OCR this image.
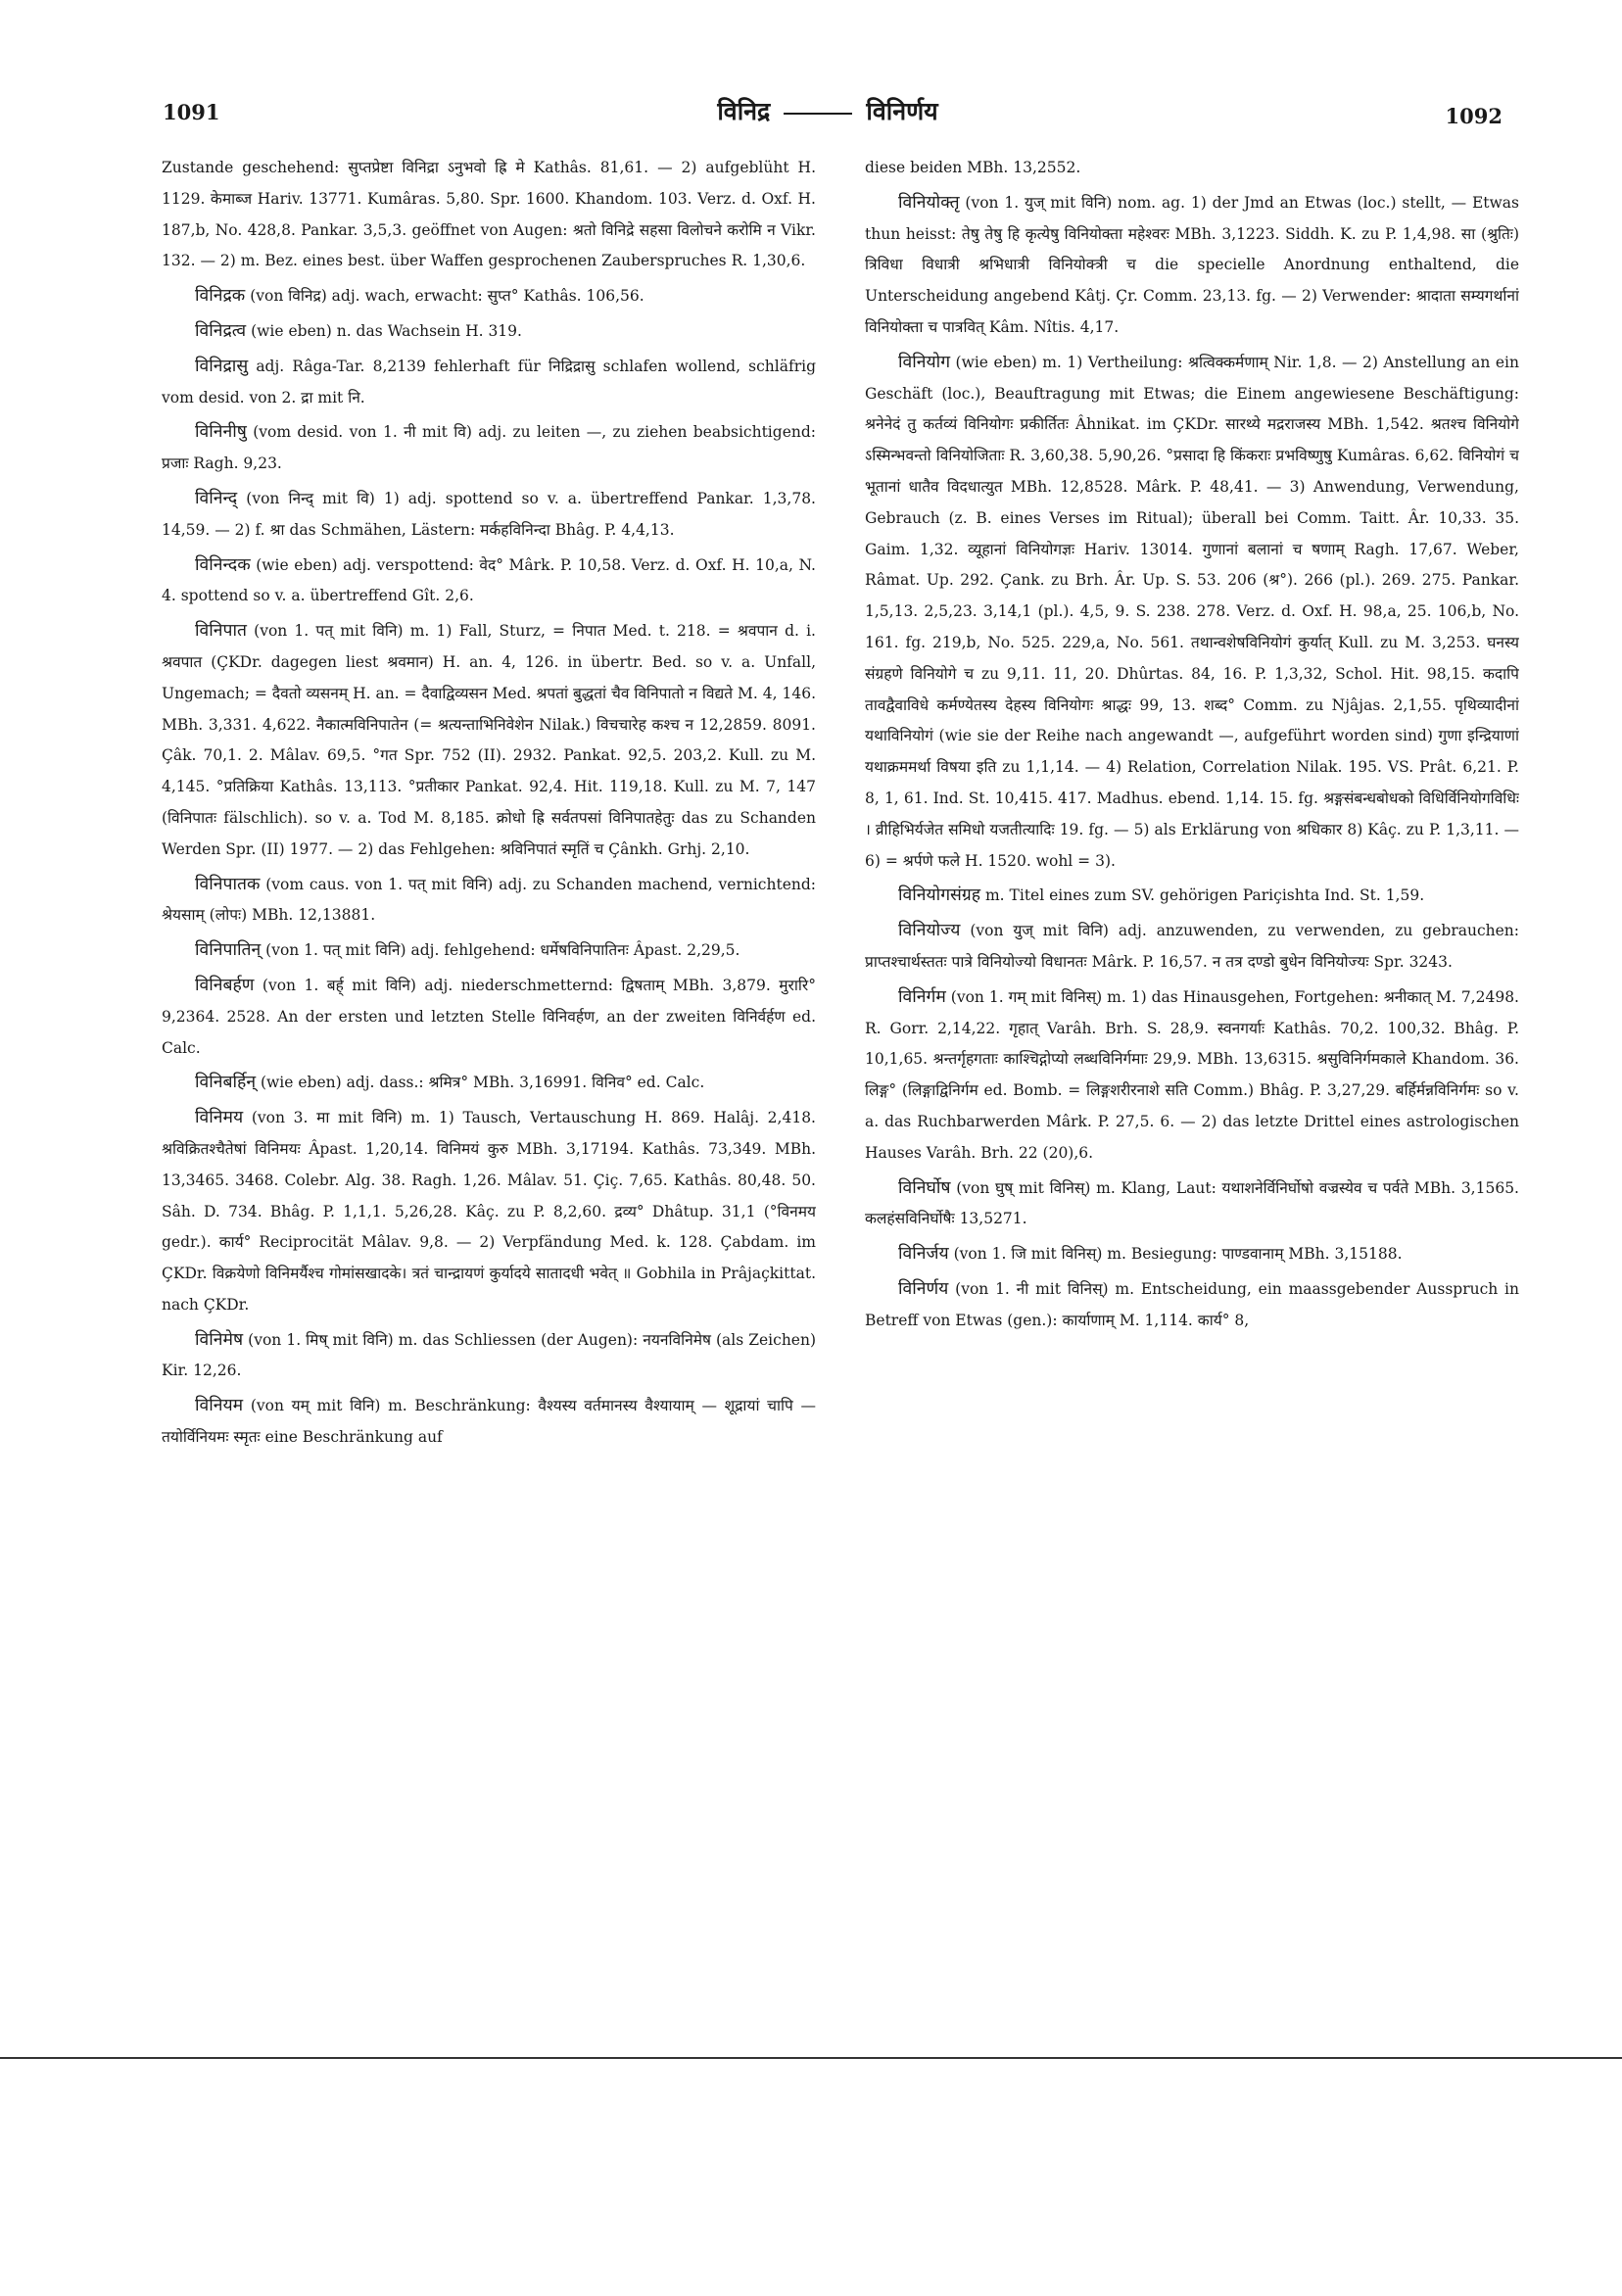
1091	विनिद्र	विनिर्णय	1092

Zustande geschehend: सुप्तप्रेष्टा विनिद्रा ऽनुभवो ह्रि मे Kathâs. 81,61. — 2) aufgeblüht H. 1129. केमाब्ज Hariv. 13771. Kumâras. 5,80. Spr. 1600. Khandom. 103. Verz. d. Oxf. H. 187,b, No. 428,8. Pankar. 3,5,3. geöffnet von Augen: श्रतो विनिद्रे सहसा विलोचने करोमि न Vikr. 132. — 2) m. Bez. eines best. über Waffen gesprochenen Zauberspruches R. 1,30,6.

विनिद्रक (von विनिद्र) adj. wach, erwacht: सुप्त° Kathâs. 106,56.

विनिद्रत्व (wie eben) n. das Wachsein H. 319.

विनिद्रासु adj. Râga-Tar. 8,2139 fehlerhaft für निद्रिद्रासु schlafen wollend, schläfrig vom desid. von 2. द्रा mit नि.

विनिनीषु (vom desid. von 1. नी mit वि) adj. zu leiten —, zu ziehen beabsichtigend: प्रजाः Ragh. 9,23.

विनिन्द् (von निन्द् mit वि) 1) adj. spottend so v. a. übertreffend Pankar. 1,3,78. 14,59. — 2) f. श्रा das Schmähen, Lästern: मर्कहविनिन्दा Bhâg. P. 4,4,13.

विनिन्दक (wie eben) adj. verspottend: वेद° Mârk. P. 10,58. Verz. d. Oxf. H. 10,a, N. 4. spottend so v. a. übertreffend Gît. 2,6.

विनिपात (von 1. पत् mit विनि) m. 1) Fall, Sturz, = निपात Med. t. 218. = श्रवपान d. i. श्रवपात (ÇKDr. dagegen liest श्रवमान) H. an. 4, 126. in übertr. Bed. so v. a. Unfall, Ungemach; = दैवतो व्यसनम् H. an. = दैवाद्विव्यसन Med. श्रपतां बुद्धतां चैव विनिपातो न विद्यते M. 4, 146. MBh. 3,331. 4,622. नैकात्मविनिपातेन (= श्रत्यन्ताभिनिवेशेन Nilak.) विचचारेह कश्च न 12,2859. 8091. Çâk. 70,1. 2. Mâlav. 69,5. °गत Spr. 752 (II). 2932. Pankat. 92,5. 203,2. Kull. zu M. 4,145. °प्रतिक्रिया Kathâs. 13,113. °प्रतीकार Pankat. 92,4. Hit. 119,18. Kull. zu M. 7, 147 (विनिपातः fälschlich). so v. a. Tod M. 8,185. क्रोधो ह्रि सर्वतपसां विनिपातहेतुः das zu Schanden Werden Spr. (II) 1977. — 2) das Fehlgehen: श्रविनिपातं स्मृतिं च Çânkh. Grhj. 2,10.

विनिपातक (vom caus. von 1. पत् mit विनि) adj. zu Schanden machend, vernichtend: श्रेयसाम् (लोपः) MBh. 12,13881.

विनिपातिन् (von 1. पत् mit विनि) adj. fehlgehend: धर्मेषविनिपातिनः Âpast. 2,29,5.

विनिबर्हण (von 1. बर्ह् mit विनि) adj. niederschmetternd: द्विषताम् MBh. 3,879. मुरारि° 9,2364. 2528. An der ersten und letzten Stelle विनिवर्हण, an der zweiten विनिर्वर्हण ed. Calc.

विनिबर्हिन् (wie eben) adj. dass.: श्रमित्र° MBh. 3,16991. विनिव° ed. Calc.

विनिमय (von 3. मा mit विनि) m. 1) Tausch, Vertauschung H. 869. Halâj. 2,418. श्रविक्रितश्चैतेषां विनिमयः Âpast. 1,20,14. विनिमयं कुरु MBh. 3,17194. Kathâs. 73,349. MBh. 13,3465. 3468. Colebr. Alg. 38. Ragh. 1,26. Mâlav. 51. Çiç. 7,65. Kathâs. 80,48. 50. Sâh. D. 734. Bhâg. P. 1,1,1. 5,26,28. Kâç. zu P. 8,2,60. द्रव्य° Dhâtup. 31,1 (°विनमय gedr.). कार्य° Reciprocität Mâlav. 9,8. — 2) Verpfändung Med. k. 128. Çabdam. im ÇKDr. विक्रयेणो विनिमर्यैश्च गोमांसखादके। त्रतं चान्द्रायणं कुर्यादये सातादधी भवेत् ॥ Gobhila in Prâjaçkittat. nach ÇKDr.

विनिमेष (von 1. मिष् mit विनि) m. das Schliessen (der Augen): नयनविनिमेष (als Zeichen) Kir. 12,26.

विनियम (von यम् mit विनि) m. Beschränkung: वैश्यस्य वर्तमानस्य वैश्यायाम् — शूद्रायां चापि — तयोर्विनियमः स्मृतः eine Beschränkung auf

diese beiden MBh. 13,2552.

विनियोक्तृ (von 1. युज् mit विनि) nom. ag. 1) der Jmd an Etwas (loc.) stellt, — Etwas thun heisst: तेषु तेषु हि कृत्येषु विनियोक्ता महेश्वरः MBh. 3,1223. Siddh. K. zu P. 1,4,98. सा (श्रुतिः) त्रिविधा विधात्री श्रभिधात्री विनियोक्त्री च die specielle Anordnung enthaltend, die Unterscheidung angebend Kâtj. Çr. Comm. 23,13. fg. — 2) Verwender: श्रादाता सम्यगर्थानां विनियोक्ता च पात्रवित् Kâm. Nîtis. 4,17.

विनियोग (wie eben) m. 1) Vertheilung: श्रत्विक्कर्मणाम् Nir. 1,8. — 2) Anstellung an ein Geschäft (loc.), Beauftragung mit Etwas; die Einem angewiesene Beschäftigung: श्रनेनेदं तु कर्तव्यं विनियोगः प्रकीर्तितः Âhnikat. im ÇKDr. सारथ्ये मद्रराजस्य MBh. 1,542. श्रतश्च विनियोगे ऽस्मिन्भवन्तो विनियोजिताः R. 3,60,38. 5,90,26. °प्रसादा हि किंकराः प्रभविष्णुषु Kumâras. 6,62. विनियोगं च भूतानां धातैव विदधात्युत MBh. 12,8528. Mârk. P. 48,41. — 3) Anwendung, Verwendung, Gebrauch (z. B. eines Verses im Ritual); überall bei Comm. Taitt. Âr. 10,33. 35. Gaim. 1,32. व्यूहानां विनियोगज्ञः Hariv. 13014. गुणानां बलानां च षणाम् Ragh. 17,67. Weber, Râmat. Up. 292. Çank. zu Brh. Âr. Up. S. 53. 206 (श्र°). 266 (pl.). 269. 275. Pankar. 1,5,13. 2,5,23. 3,14,1 (pl.). 4,5, 9. S. 238. 278. Verz. d. Oxf. H. 98,a, 25. 106,b, No. 161. fg. 219,b, No. 525. 229,a, No. 561. तथान्वशेषविनियोगं कुर्यात् Kull. zu M. 3,253. घनस्य संग्रहणे विनियोगे च zu 9,11. 11, 20. Dhûrtas. 84, 16. P. 1,3,32, Schol. Hit. 98,15. कदापि तावद्वैवाविधे कर्मण्येतस्य देहस्य विनियोगः श्राद्धः 99, 13. शब्द° Comm. zu Njâjas. 2,1,55. पृथिव्यादीनां यथाविनियोगं (wie sie der Reihe nach angewandt —, aufgeführt worden sind) गुणा इन्द्रियाणां यथाक्रममर्था विषया इति zu 1,1,14. — 4) Relation, Correlation Nilak. 195. VS. Prât. 6,21. P. 8, 1, 61. Ind. St. 10,415. 417. Madhus. ebend. 1,14. 15. fg. श्रङ्गसंबन्धबोधको विधिर्विनियोगविधिः । व्रीहिभिर्यजेत समिधो यजतीत्यादिः 19. fg. — 5) als Erklärung von श्रधिकार 8) Kâç. zu P. 1,3,11. — 6) = श्रर्पणे फले H. 1520. wohl = 3).

विनियोगसंग्रह m. Titel eines zum SV. gehörigen Pariçishta Ind. St. 1,59.

विनियोज्य (von युज् mit विनि) adj. anzuwenden, zu verwenden, zu gebrauchen: प्राप्तश्चार्थस्ततः पात्रे विनियोज्यो विधानतः Mârk. P. 16,57. न तत्र दण्डो बुधेन विनियोज्यः Spr. 3243.

विनिर्गम (von 1. गम् mit विनिस्) m. 1) das Hinausgehen, Fortgehen: श्रनीकात् M. 7,2498. R. Gorr. 2,14,22. गृहात् Varâh. Brh. S. 28,9. स्वनगर्याः Kathâs. 70,2. 100,32. Bhâg. P. 10,1,65. श्रन्तर्गृहगताः काश्चिद्गोप्यो लब्धविनिर्गमाः 29,9. MBh. 13,6315. श्रसुविनिर्गमकाले Khandom. 36. लिङ्ग° (लिङ्गाद्विनिर्गम ed. Bomb. = लिङ्गशरीरनाशे सति Comm.) Bhâg. P. 3,27,29. बर्हिर्मन्नविनिर्गमः so v. a. das Ruchbarwerden Mârk. P. 27,5. 6. — 2) das letzte Drittel eines astrologischen Hauses Varâh. Brh. 22 (20),6.

विनिर्घोष (von घुष् mit विनिस्) m. Klang, Laut: यथाशनेर्विनिर्घोषो वज्रस्येव च पर्वते MBh. 3,1565. कलहंसविनिर्घोषैः 13,5271.

विनिर्जय (von 1. जि mit विनिस्) m. Besiegung: पाण्डवानाम् MBh. 3,15188.

विनिर्णय (von 1. नी mit विनिस्) m. Entscheidung, ein maassgebender Ausspruch in Betreff von Etwas (gen.): कार्याणाम् M. 1,114. कार्य° 8,
